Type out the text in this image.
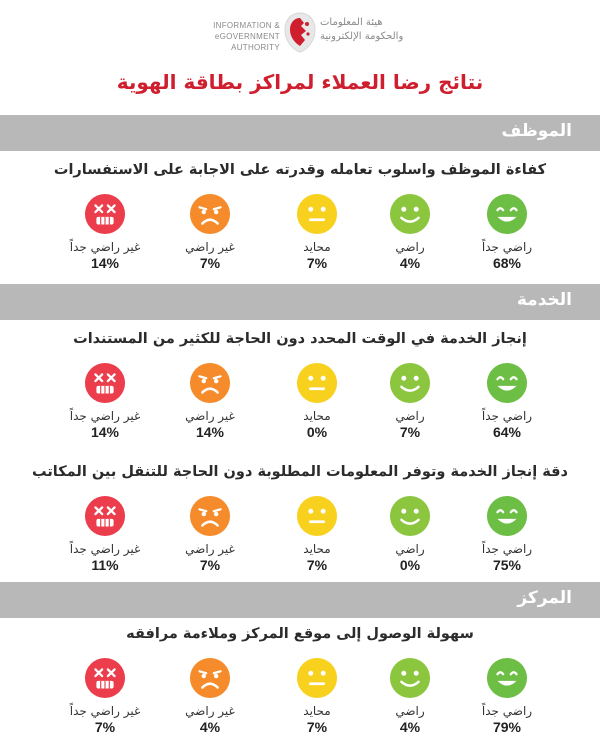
INFORMATION &
eGOVERNMENT AUTHORITY
هيئة المعلومات
والحكومة الإلكترونية
نتائج رضا العملاء لمراكز بطاقة الهوية
الموظف
كفاءة الموظف واسلوب تعامله وقدرته على الاجابة على الاستفسارات
راضي جداً
68%
راضي
4%
محايد
7%
غير راضي
7%
غير راضي جداً
14%
الخدمة
إنجاز الخدمة في الوقت المحدد دون الحاجة للكثير من المستندات
راضي جداً
64%
راضي
7%
محايد
0%
غير راضي
14%
غير راضي جداً
14%
دقة إنجاز الخدمة وتوفر المعلومات المطلوبة دون الحاجة للتنقل بين المكاتب
راضي جداً
75%
راضي
0%
محايد
7%
غير راضي
7%
غير راضي جداً
11%
المركز
سهولة الوصول إلى موقع المركز وملاءمة مرافقه
راضي جداً
79%
راضي
4%
محايد
7%
غير راضي
4%
غير راضي جداً
7%
